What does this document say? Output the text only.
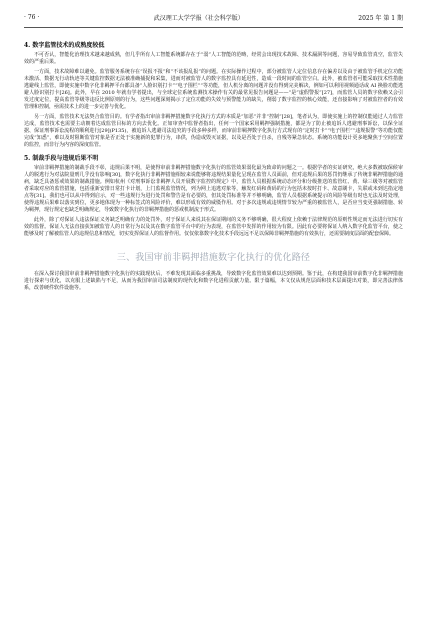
· 76 ·	武汉理工大学学报（社会科学版）	2025 年 第 1 期
4. 数字监管技术的成熟度较低

不可否认，智能化治理技术越来越成熟，但几乎所有人工智能系统都存在于“弱”人工智能的范畴，经常会出现技术故障、技术漏洞等问题，容易导致监管真空，监管失效的严重后果。

一方面，技术故障难以避免。监管服务系统存在“误报不报”和“不该报乱报”的问题。在实际操作过程中，部分被监管人定位信息存在偏差以及由于被监管手机定位功能未激活、数据无行动轨迹等关键监控数据无法被准确捕捉和采集，进而对被监管人的数字监控具有延迟性，造成一段时间的监管空白。此外，被监管者可能采取技术性措施逃避线上监管，即使实施中数字化非羁押平台都具备“人脸识别打卡”“电子围栏”“等功能，但人机分离的问题并没有得到完美解决，例如可以利用视频通话或 AI 换脸功能逃避人脸识别打卡[26]。此外，早在 2010 年就有学者提出，与全球定位系统监测技术操作有关的最常见报告问题是——“是”虚假警报”[27]，而监管人员的数字依赖又会引发过度定位，提高监管等级等违反比例原则的行为，这些问题深刻揭示了定位功能的失效与预警能力的缺失，削弱了数字监控的核心效能，还直接影响了对被监控者的有效管理和控制，亟需技术上的进一步完善与优化。

另一方面，监管技术无法契合监管目的。有学者指出审前非羁押措施数字化执行方式的本质是“加恶”并非“控制”[28]，笔者认为，即使实施上的控制仅能通过人力监管达成，监管技术也需要主动朝着达成监管目标的方向去优化。正如审查中监督者指出，任何一个国家采用羁押强制措施，都是为了防止被追诉人逃避刑事诉讼，以保全证据、保证刑事诉讼流程的顺利进行[29](P135)，被追诉人逃避司法追究的手段多种多样，而审前非羁押数字化执行方式现有的“定时打卡”“电子围栏”“违规报警”等功能仅能完成“知悉”，难以及时阻断监管对象是否正处于实施新的犯罪行为，串供，伪造或毁灭证据，以及是否处于自杀，自残等紧急状态。系统的功能设计更多地聚焦于空间位置的监控，而非行为内容的深度监管。

5. 制裁手段与违规后果不明

审前非羁押措施的制裁手段不彰，违规后果不明，是使得审前非羁押措施数字化执行的监管效果弱化最为致命的问题之一。根据学者的实证研究，绝大多数被取保候审人的脱逃行为对法院量刑几乎没有影响[30]，数字化执行非羁押措施相较来说能够将违规结果量化呈现在监管人员面前，但对违规后果的惩罚仍继承了传统非羁押措施的通病，缺乏具备惩戒效果的制裁措施。例如杭州《对刑事诉讼非羁押人员开展数字监控的规定》中，监管人员根据系统动态评分和分级推送的监管红、黄、绿三级等对被监管者采取对应的监管措施，包括重新安排日常打卡计划，上门监视监管情况，列为网上追逃对象等，触发红码和黄码的行为包括未按时打卡、故意刷卡，失联或未到达指定地点等[31]。我们也可以从中得到启示，对一些违规行为进行处罚和警告是有必要的，但其处罚标准等并不够明确，监管人员根据系统提示的风险等级有时也无法及时处理，使得违规后果难以落实到位，更多地体现为一种标签式的风险评价，难以形成有效的威慑作用。对于多次违规或违规情节较为严重的被监管人，是否应当变更强制措施、转为羁押，现行规定也缺乏明确规定，导致数字化执行的非羁押措施的惩戒机制流于形式。

此外，除了对保证人违法保证义务缺乏明确有力的处罚外，对于保证人来说其在保证期间的义务不够明确，很大程度上依赖于法律规范的原则性规定而无法进行切实有效的监督。保证人无法直接获知被监管人的日常行为以及其在数字监管平台中的行为表现，在监管中发挥的作用较为有限。因此有必要将保证人纳入数字化监管平台，使之能够及时了解被监管人的违规信息和情况，切实发挥保证人的监督作用。仅仅依靠数字化技术手段远远不足以保障非羁押措施的有效执行，还需要制度层面的配套保障。

三、我国审前非羁押措施数字化执行的优化路径

在深入探讨我国审前非羁押措施数字化执行的实践现状后，不难发现其面临多重挑战，导致数字化监管效果难以达到预期。鉴于此，在构建我国审前数字化非羁押措施进行探索与优化，以克服上述缺陷与不足，从而为我国审前司法制度的现代化和数字化进程贡献力量。限于篇幅，本文仅从规范层面和技术层面提出对策，即完善法律体系，改善硬件软件设施等。
